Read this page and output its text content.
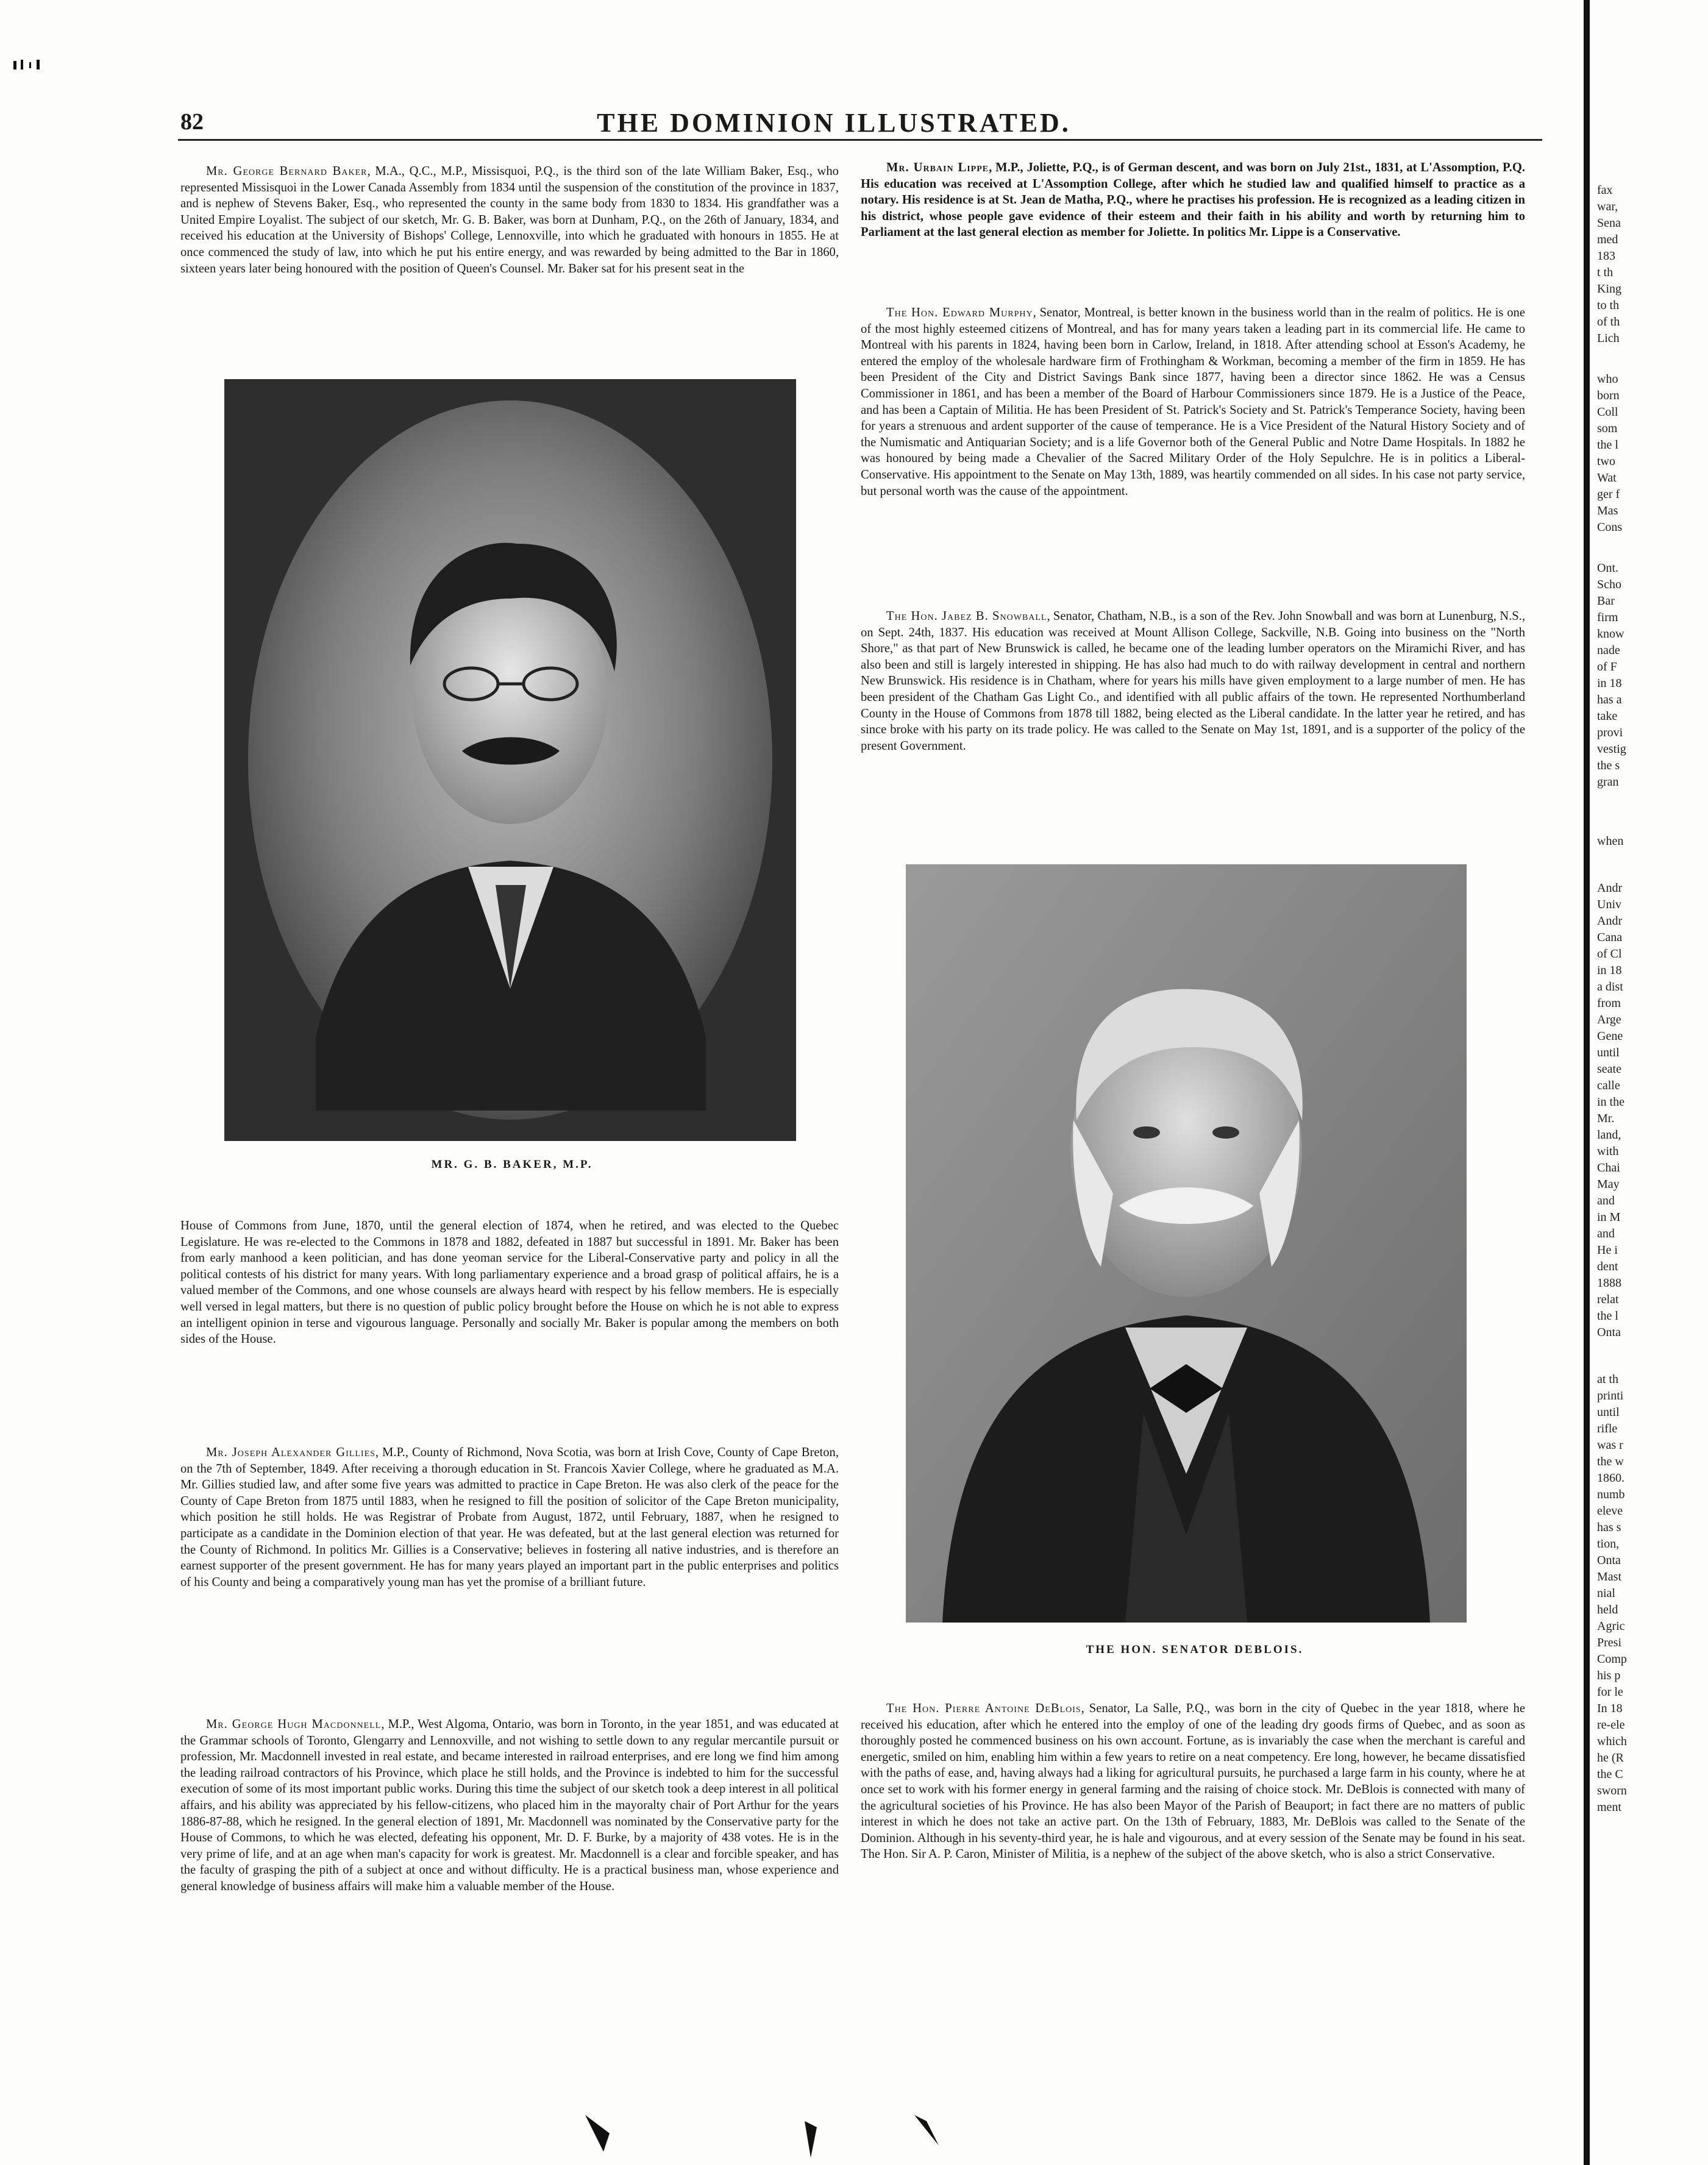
82	THE DOMINION ILLUSTRATED.
Mr. George Bernard Baker, M.A., Q.C., M.P., Missisquoi, P.Q., is the third son of the late William Baker, Esq., who represented Missisquoi in the Lower Canada Assembly from 1834 until the suspension of the constitution of the province in 1837, and is nephew of Stevens Baker, Esq., who represented the county in the same body from 1830 to 1834. His grandfather was a United Empire Loyalist. The subject of our sketch, Mr. G. B. Baker, was born at Dunham, P.Q., on the 26th of January, 1834, and received his education at the University of Bishops' College, Lennoxville, into which he graduated with honours in 1855. He at once commenced the study of law, into which he put his entire energy, and was rewarded by being admitted to the Bar in 1860, sixteen years later being honoured with the position of Queen's Counsel. Mr. Baker sat for his present seat in the
MR. G. B. BAKER, M.P.
House of Commons from June, 1870, until the general election of 1874, when he retired, and was elected to the Quebec Legislature. He was re-elected to the Commons in 1878 and 1882, defeated in 1887 but successful in 1891. Mr. Baker has been from early manhood a keen politician, and has done yeoman service for the Liberal-Conservative party and policy in all the political contests of his district for many years. With long parliamentary experience and a broad grasp of political affairs, he is a valued member of the Commons, and one whose counsels are always heard with respect by his fellow members. He is especially well versed in legal matters, but there is no question of public policy brought before the House on which he is not able to express an intelligent opinion in terse and vigourous language. Personally and socially Mr. Baker is popular among the members on both sides of the House.
Mr. Joseph Alexander Gillies, M.P., County of Richmond, Nova Scotia, was born at Irish Cove, County of Cape Breton, on the 7th of September, 1849. After receiving a thorough education in St. Francois Xavier College, where he graduated as M.A. Mr. Gillies studied law, and after some five years was admitted to practice in Cape Breton. He was also clerk of the peace for the County of Cape Breton from 1875 until 1883, when he resigned to fill the position of solicitor of the Cape Breton municipality, which position he still holds. He was Registrar of Probate from August, 1872, until February, 1887, when he resigned to participate as a candidate in the Dominion election of that year. He was defeated, but at the last general election was returned for the County of Richmond. In politics Mr. Gillies is a Conservative; believes in fostering all native industries, and is therefore an earnest supporter of the present government. He has for many years played an important part in the public enterprises and politics of his County and being a comparatively young man has yet the promise of a brilliant future.
Mr. George Hugh Macdonnell, M.P., West Algoma, Ontario, was born in Toronto, in the year 1851, and was educated at the Grammar schools of Toronto, Glengarry and Lennoxville, and not wishing to settle down to any regular mercantile pursuit or profession, Mr. Macdonnell invested in real estate, and became interested in railroad enterprises, and ere long we find him among the leading railroad contractors of his Province, which place he still holds, and the Province is indebted to him for the successful execution of some of its most important public works. During this time the subject of our sketch took a deep interest in all political affairs, and his ability was appreciated by his fellow-citizens, who placed him in the mayoralty chair of Port Arthur for the years 1886-87-88, which he resigned. In the general election of 1891, Mr. Macdonnell was nominated by the Conservative party for the House of Commons, to which he was elected, defeating his opponent, Mr. D. F. Burke, by a majority of 438 votes. He is in the very prime of life, and at an age when man's capacity for work is greatest. Mr. Macdonnell is a clear and forcible speaker, and has the faculty of grasping the pith of a subject at once and without difficulty. He is a practical business man, whose experience and general knowledge of business affairs will make him a valuable member of the House.
Mr. Urbain Lippe, M.P., Joliette, P.Q., is of German descent, and was born on July 21st., 1831, at L'Assomption, P.Q. His education was received at L'Assomption College, after which he studied law and qualified himself to practice as a notary. His residence is at St. Jean de Matha, P.Q., where he practises his profession. He is recognized as a leading citizen in his district, whose people gave evidence of their esteem and their faith in his ability and worth by returning him to Parliament at the last general election as member for Joliette. In politics Mr. Lippe is a Conservative.
The Hon. Edward Murphy, Senator, Montreal, is better known in the business world than in the realm of politics. He is one of the most highly esteemed citizens of Montreal, and has for many years taken a leading part in its commercial life. He came to Montreal with his parents in 1824, having been born in Carlow, Ireland, in 1818. After attending school at Esson's Academy, he entered the employ of the wholesale hardware firm of Frothingham & Workman, becoming a member of the firm in 1859. He has been President of the City and District Savings Bank since 1877, having been a director since 1862. He was a Census Commissioner in 1861, and has been a member of the Board of Harbour Commissioners since 1879. He is a Justice of the Peace, and has been a Captain of Militia. He has been President of St. Patrick's Society and St. Patrick's Temperance Society, having been for years a strenuous and ardent supporter of the cause of temperance. He is a Vice President of the Natural History Society and of the Numismatic and Antiquarian Society; and is a life Governor both of the General Public and Notre Dame Hospitals. In 1882 he was honoured by being made a Chevalier of the Sacred Military Order of the Holy Sepulchre. He is in politics a Liberal-Conservative. His appointment to the Senate on May 13th, 1889, was heartily commended on all sides. In his case not party service, but personal worth was the cause of the appointment.
The Hon. Jabez B. Snowball, Senator, Chatham, N.B., is a son of the Rev. John Snowball and was born at Lunenburg, N.S., on Sept. 24th, 1837. His education was received at Mount Allison College, Sackville, N.B. Going into business on the "North Shore," as that part of New Brunswick is called, he became one of the leading lumber operators on the Miramichi River, and has also been and still is largely interested in shipping. He has also had much to do with railway development in central and northern New Brunswick. His residence is in Chatham, where for years his mills have given employment to a large number of men. He has been president of the Chatham Gas Light Co., and identified with all public affairs of the town. He represented Northumberland County in the House of Commons from 1878 till 1882, being elected as the Liberal candidate. In the latter year he retired, and has since broke with his party on its trade policy. He was called to the Senate on May 1st, 1891, and is a supporter of the policy of the present Government.
THE HON. SENATOR DEBLOIS.
The Hon. Pierre Antoine DeBlois, Senator, La Salle, P.Q., was born in the city of Quebec in the year 1818, where he received his education, after which he entered into the employ of one of the leading dry goods firms of Quebec, and as soon as thoroughly posted he commenced business on his own account. Fortune, as is invariably the case when the merchant is careful and energetic, smiled on him, enabling him within a few years to retire on a neat competency. Ere long, however, he became dissatisfied with the paths of ease, and, having always had a liking for agricultural pursuits, he purchased a large farm in his county, where he at once set to work with his former energy in general farming and the raising of choice stock. Mr. DeBlois is connected with many of the agricultural societies of his Province. He has also been Mayor of the Parish of Beauport; in fact there are no matters of public interest in which he does not take an active part. On the 13th of February, 1883, Mr. DeBlois was called to the Senate of the Dominion. Although in his seventy-third year, he is hale and vigourous, and at every session of the Senate may be found in his seat. The Hon. Sir A. P. Caron, Minister of Militia, is a nephew of the subject of the above sketch, who is also a strict Conservative.
fax
war,
Sena
med
183
t th
King
to th
of th
Lich
who
born
Coll
som
the l
two
Wat
ger f
Mas
Cons
Ont.
Scho
Bar
firm
know
nade
of F
in 18
has a
take
provi
vestig
the s
gran
when
Andr
Univ
Andr
Cana
of Cl
in 18
a dist
from
Arge
Gene
until
seate
calle
in the
Mr.
land,
with
Chai
May
and
in M
and
He i
dent
1888
relat
the l
Onta
at th
printi
until
rifle
was r
the w
1860.
numb
eleve
has s
tion,
Onta
Mast
nial
held
Agric
Presi
Comp
his p
for le
In 18
re-ele
which
he (R
the C
sworn
ment
